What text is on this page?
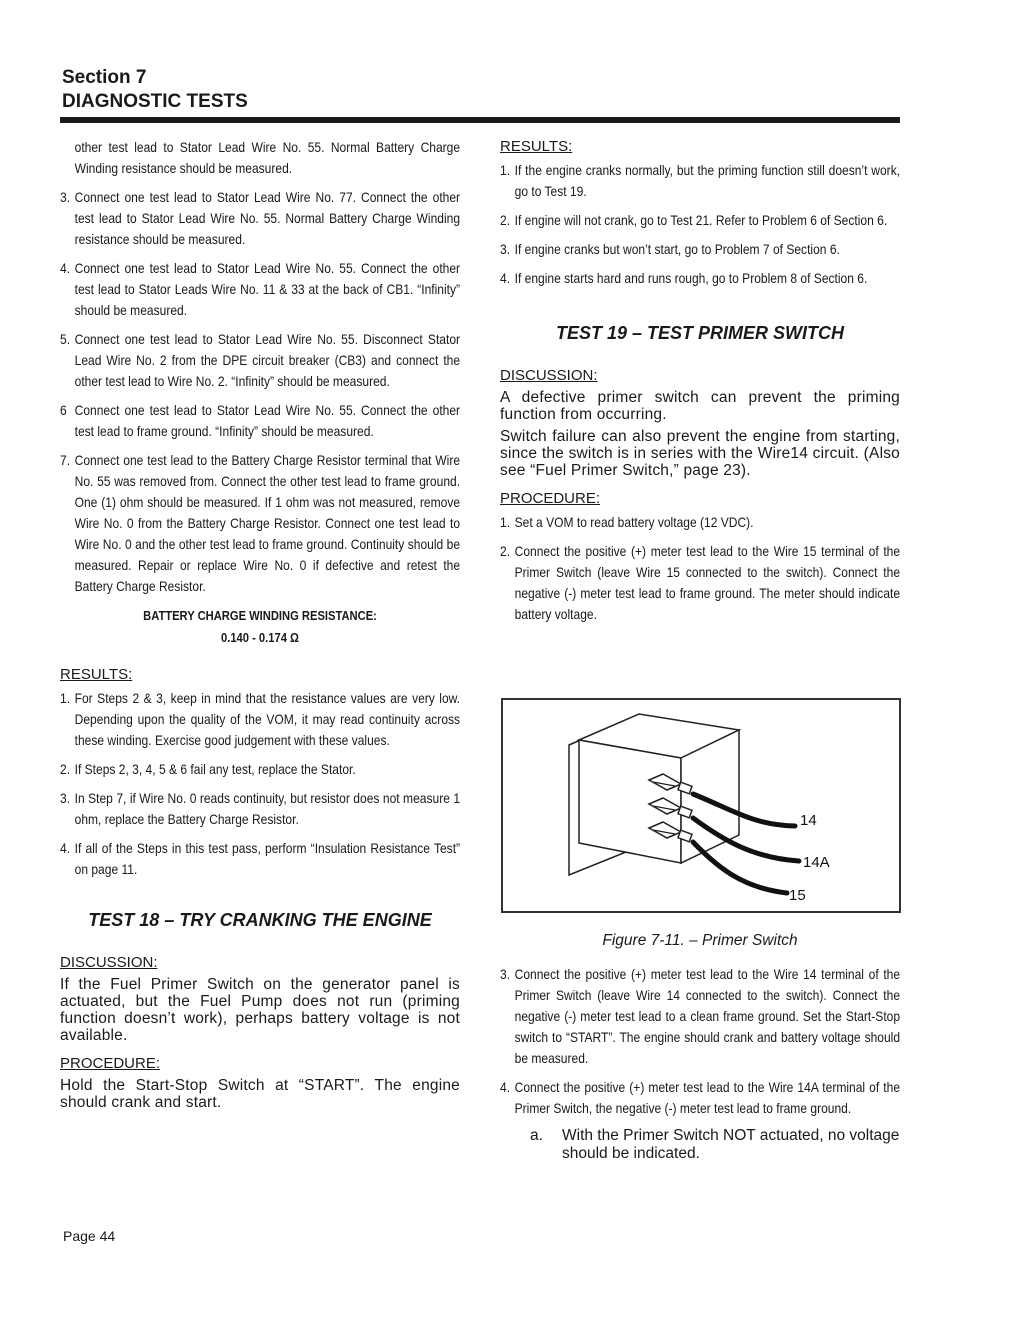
Section 7
DIAGNOSTIC TESTS
other test lead to Stator Lead Wire No. 55. Normal Battery Charge Winding resistance should be measured.
3. Connect one test lead to Stator Lead Wire No. 77. Connect the other test lead to Stator Lead Wire No. 55. Normal Battery Charge Winding resistance should be measured.
4. Connect one test lead to Stator Lead Wire No. 55. Connect the other test lead to Stator Leads Wire No. 11 & 33 at the back of CB1. “Infinity” should be measured.
5. Connect one test lead to Stator Lead Wire No. 55. Disconnect Stator Lead Wire No. 2 from the DPE circuit breaker (CB3) and connect the other test lead to Wire No. 2. “Infinity” should be measured.
6 Connect one test lead to Stator Lead Wire No. 55. Connect the other test lead to frame ground. “Infinity” should be measured.
7. Connect one test lead to the Battery Charge Resistor terminal that Wire No. 55 was removed from. Connect the other test lead to frame ground. One (1) ohm should be measured. If 1 ohm was not measured, remove Wire No. 0 from the Battery Charge Resistor. Connect one test lead to Wire No. 0 and the other test lead to frame ground. Continuity should be measured. Repair or replace Wire No. 0 if defective and retest the Battery Charge Resistor.
BATTERY CHARGE WINDING RESISTANCE:
0.140 - 0.174 Ω
RESULTS:
1. For Steps 2 & 3, keep in mind that the resistance values are very low. Depending upon the quality of the VOM, it may read continuity across these winding. Exercise good judgement with these values.
2. If Steps 2, 3, 4, 5 & 6 fail any test, replace the Stator.
3. In Step 7, if Wire No. 0 reads continuity, but resistor does not measure 1 ohm, replace the Battery Charge Resistor.
4. If all of the Steps in this test pass, perform “Insulation Resistance Test” on page 11.
TEST 18 – TRY CRANKING THE ENGINE
DISCUSSION:
If the Fuel Primer Switch on the generator panel is actuated, but the Fuel Pump does not run (priming function doesn’t work), perhaps battery voltage is not available.
PROCEDURE:
Hold the Start-Stop Switch at “START”. The engine should crank and start.
RESULTS:
1. If the engine cranks normally, but the priming function still doesn’t work, go to Test 19.
2. If engine will not crank, go to Test 21. Refer to Problem 6 of Section 6.
3. If engine cranks but won’t start, go to Problem 7 of Section 6.
4. If engine starts hard and runs rough, go to Problem 8 of Section 6.
TEST 19 – TEST PRIMER SWITCH
DISCUSSION:
A defective primer switch can prevent the priming function from occurring.
Switch failure can also prevent the engine from starting, since the switch is in series with the Wire14 circuit. (Also see “Fuel Primer Switch,” page 23).
PROCEDURE:
1. Set a VOM to read battery voltage (12 VDC).
2. Connect the positive (+) meter test lead to the Wire 15 terminal of the Primer Switch (leave Wire 15 connected to the switch). Connect the negative (-) meter test lead to frame ground. The meter should indicate battery voltage.
14
14A
15
Figure 7-11. – Primer Switch
3. Connect the positive (+) meter test lead to the Wire 14 terminal of the Primer Switch (leave Wire 14 connected to the switch). Connect the negative (-) meter test lead to a clean frame ground. Set the Start-Stop switch to “START”. The engine should crank and battery voltage should be measured.
4. Connect the positive (+) meter test lead to the Wire 14A terminal of the Primer Switch, the negative (-) meter test lead to frame ground.
a. With the Primer Switch NOT actuated, no voltage should be indicated.
Page 44
